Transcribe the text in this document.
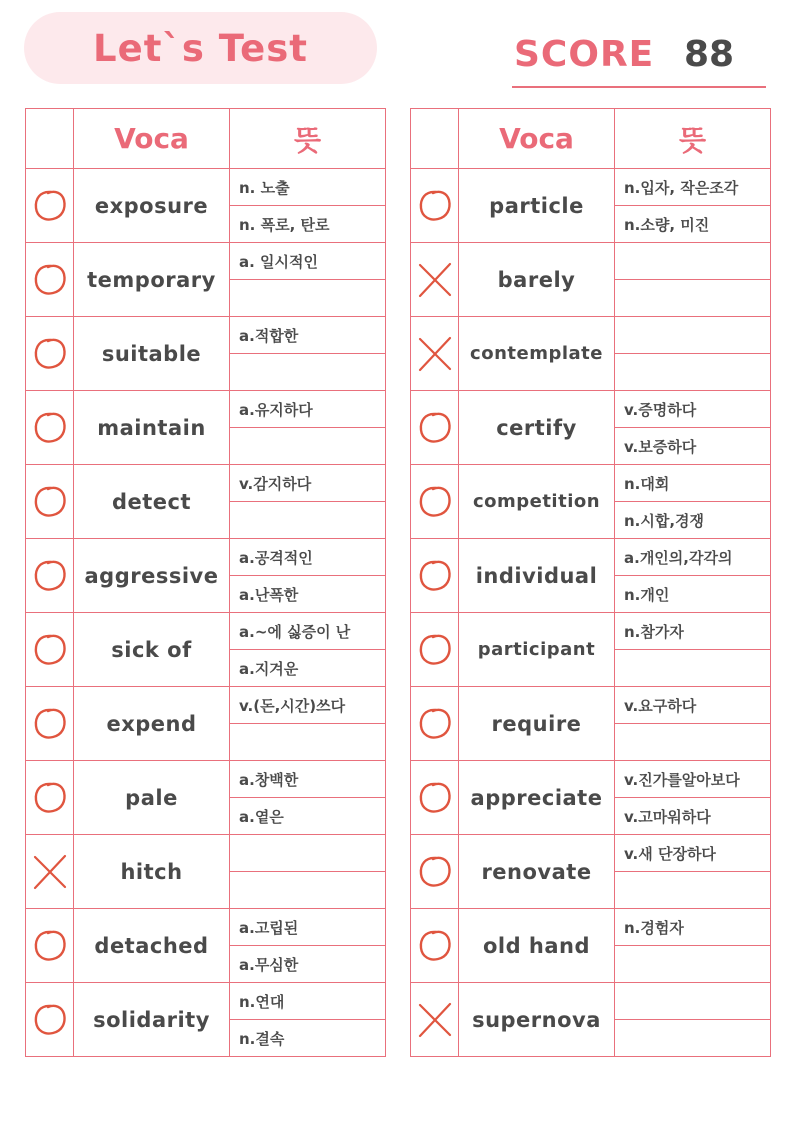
Let`s Test	SCORE 88
	Voca	뜻

	exposure	n. 노출
		n. 폭로, 탄로

	temporary	a. 일시적인

	suitable	a.적합한

	maintain	a.유지하다

	detect	v.감지하다

	aggressive	a.공격적인
		a.난폭한

	sick of	a.~에 싫증이 난
		a.지겨운

	expend	v.(돈,시간)쓰다

	pale	a.창백한
		a.옅은

	hitch	

	detached	a.고립된
		a.무심한

	solidarity	n.연대
		n.결속
	Voca	뜻

	particle	n.입자, 작은조각
		n.소량, 미진

	barely	

	contemplate	

	certify	v.증명하다
		v.보증하다

	competition	n.대회
		n.시합,경쟁

	individual	a.개인의,각각의
		n.개인

	participant	n.참가자

	require	v.요구하다

	appreciate	v.진가를알아보다
		v.고마워하다

	renovate	v.새 단장하다

	old hand	n.경험자

	supernova	
